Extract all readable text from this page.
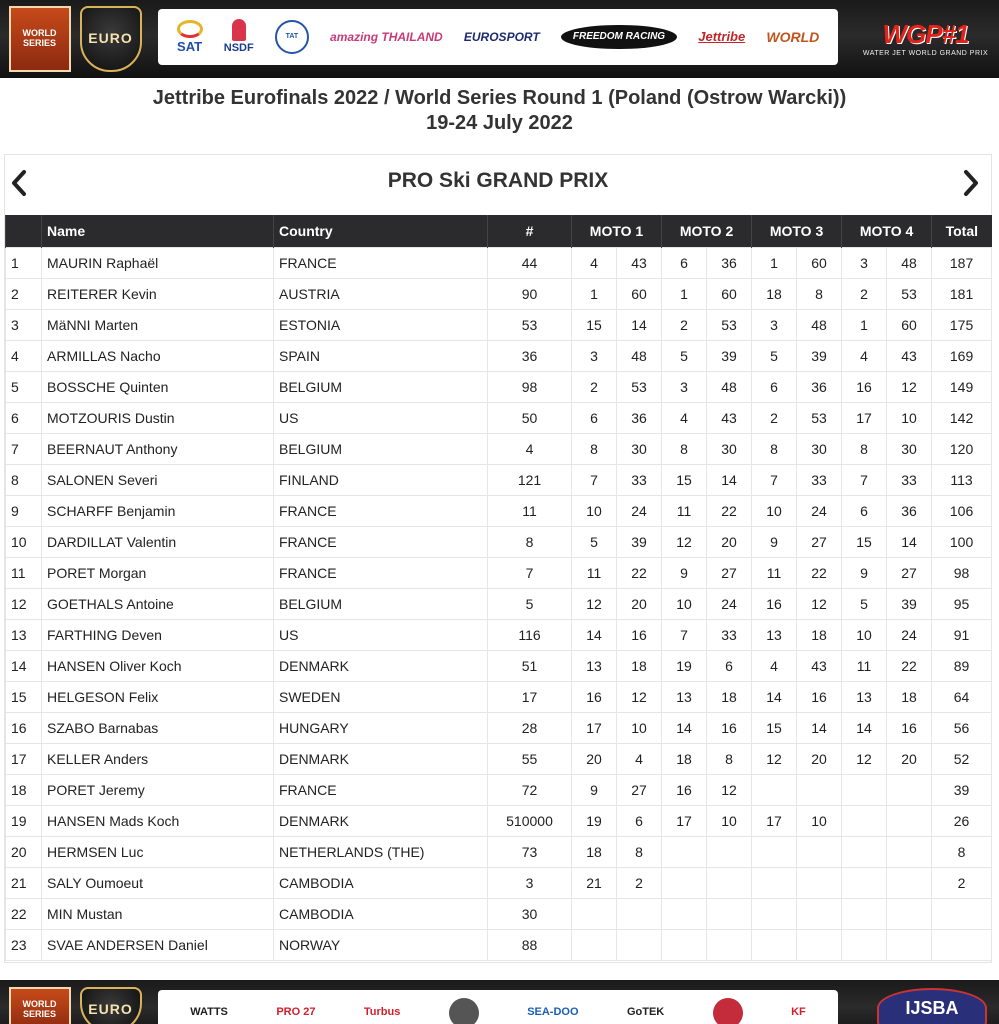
WORLD SERIES	EURO
SAT NSDF
TAT	amazing THAILAND EUROSPORT	FREEDOM RACING	Jettribe WORLD WGP#1
WATER JET WORLD GRAND PRIX
Jettribe Eurofinals 2022 / World Series Round 1 (Poland (Ostrow Warcki))
19-24 July 2022
PRO Ski GRAND PRIX
	Name	Country	#	MOTO 1		MOTO 2		MOTO 3		MOTO 4		Total
1	MAURIN Raphaël	FRANCE	44	4	43	6	36	1	60	3	48	187
2	REITERER Kevin	AUSTRIA	90	1	60	1	60	18	8	2	53	181
3	MäNNI Marten	ESTONIA	53	15	14	2	53	3	48	1	60	175
4	ARMILLAS Nacho	SPAIN	36	3	48	5	39	5	39	4	43	169
5	BOSSCHE Quinten	BELGIUM	98	2	53	3	48	6	36	16	12	149
6	MOTZOURIS Dustin	US	50	6	36	4	43	2	53	17	10	142
7	BEERNAUT Anthony	BELGIUM	4	8	30	8	30	8	30	8	30	120
8	SALONEN Severi	FINLAND	121	7	33	15	14	7	33	7	33	113
9	SCHARFF Benjamin	FRANCE	11	10	24	11	22	10	24	6	36	106
10	DARDILLAT Valentin	FRANCE	8	5	39	12	20	9	27	15	14	100
11	PORET Morgan	FRANCE	7	11	22	9	27	11	22	9	27	98
12	GOETHALS Antoine	BELGIUM	5	12	20	10	24	16	12	5	39	95
13	FARTHING Deven	US	116	14	16	7	33	13	18	10	24	91
14	HANSEN Oliver Koch	DENMARK	51	13	18	19	6	4	43	11	22	89
15	HELGESON Felix	SWEDEN	17	16	12	13	18	14	16	13	18	64
16	SZABO Barnabas	HUNGARY	28	17	10	14	16	15	14	14	16	56
17	KELLER Anders	DENMARK	55	20	4	18	8	12	20	12	20	52
18	PORET Jeremy	FRANCE	72	9	27	16	12					39
19	HANSEN Mads Koch	DENMARK	510000	19	6	17	10	17	10			26
20	HERMSEN Luc	NETHERLANDS (THE)	73	18	8							8
21	SALY Oumoeut	CAMBODIA	3	21	2							2
22	MIN Mustan	CAMBODIA	30									
23	SVAE ANDERSEN Daniel	NORWAY	88									
WORLD SERIES	EURO	WATTS	PRO 27	Turbus	SEA-DOO	GoTEK	KF	IJSBA
